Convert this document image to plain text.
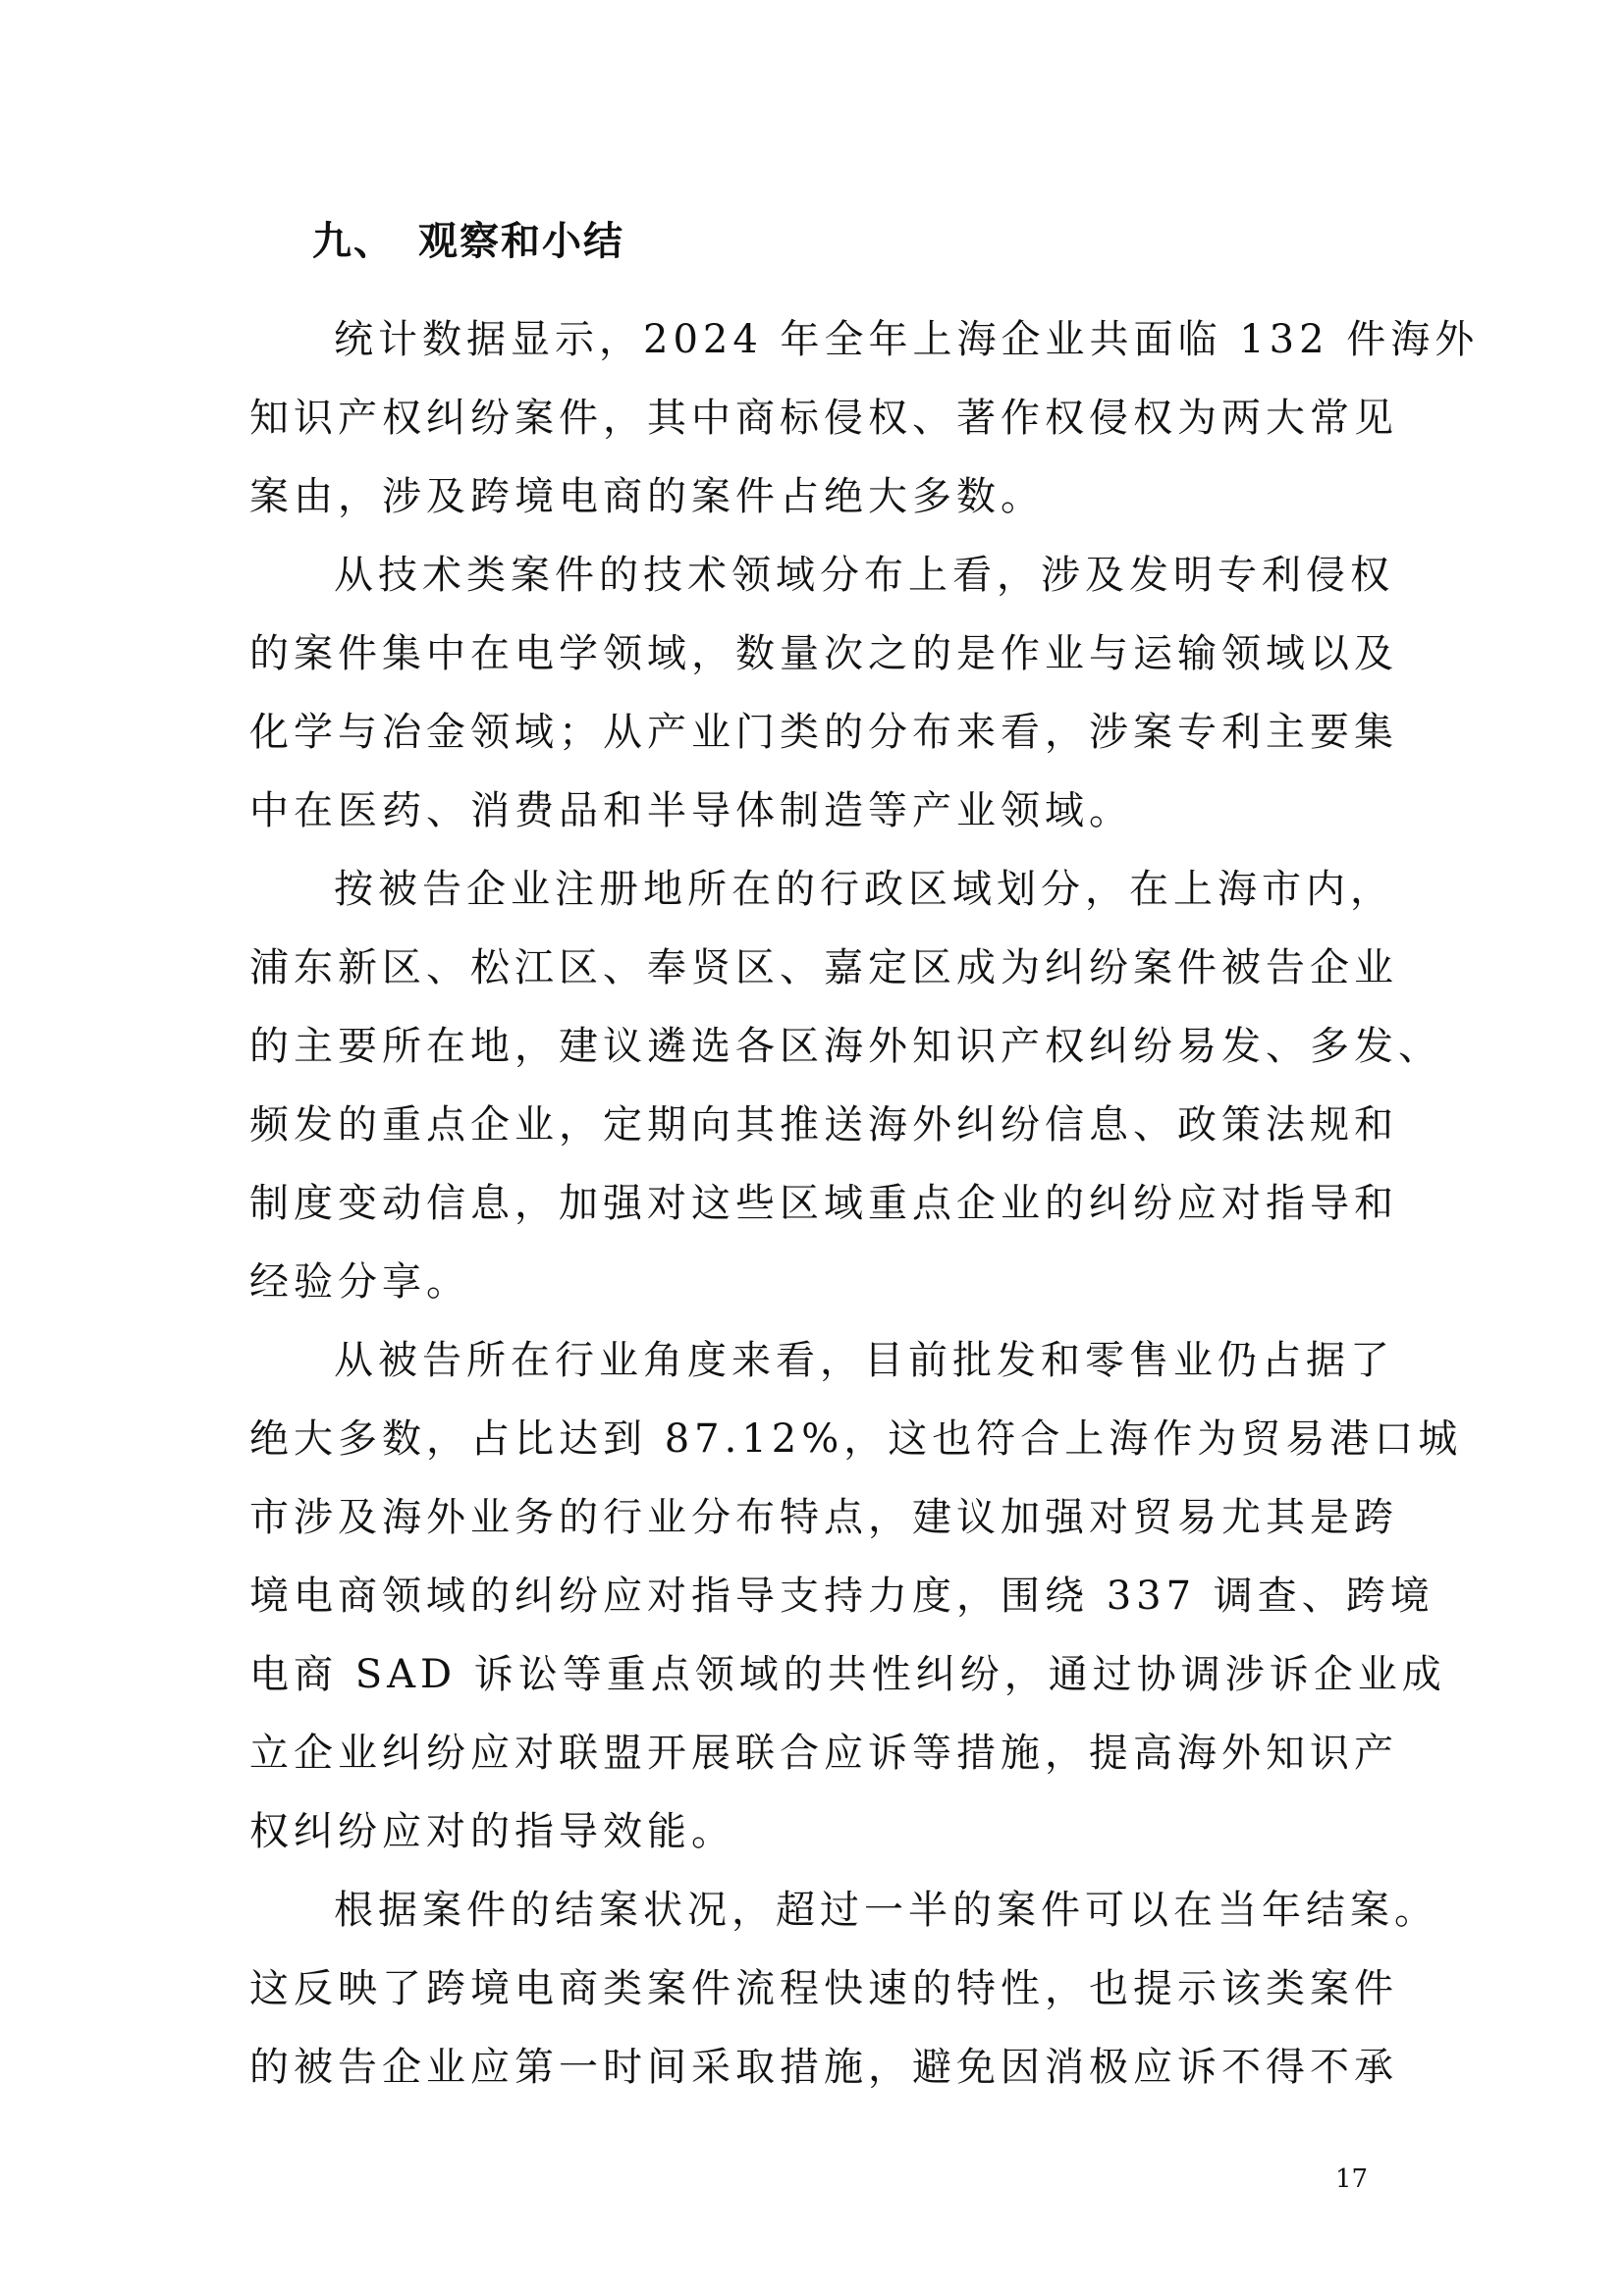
九、 观察和小结
统计数据显示，2024 年全年上海企业共面临 132 件海外
知识产权纠纷案件，其中商标侵权、著作权侵权为两大常见
案由，涉及跨境电商的案件占绝大多数。
从技术类案件的技术领域分布上看，涉及发明专利侵权
的案件集中在电学领域，数量次之的是作业与运输领域以及
化学与冶金领域；从产业门类的分布来看，涉案专利主要集
中在医药、消费品和半导体制造等产业领域。
按被告企业注册地所在的行政区域划分，在上海市内，
浦东新区、松江区、奉贤区、嘉定区成为纠纷案件被告企业
的主要所在地，建议遴选各区海外知识产权纠纷易发、多发、
频发的重点企业，定期向其推送海外纠纷信息、政策法规和
制度变动信息，加强对这些区域重点企业的纠纷应对指导和
经验分享。
从被告所在行业角度来看，目前批发和零售业仍占据了
绝大多数，占比达到 87.12%，这也符合上海作为贸易港口城
市涉及海外业务的行业分布特点，建议加强对贸易尤其是跨
境电商领域的纠纷应对指导支持力度，围绕 337 调查、跨境
电商 SAD 诉讼等重点领域的共性纠纷，通过协调涉诉企业成
立企业纠纷应对联盟开展联合应诉等措施，提高海外知识产
权纠纷应对的指导效能。
根据案件的结案状况，超过一半的案件可以在当年结案。
这反映了跨境电商类案件流程快速的特性，也提示该类案件
的被告企业应第一时间采取措施，避免因消极应诉不得不承
17
